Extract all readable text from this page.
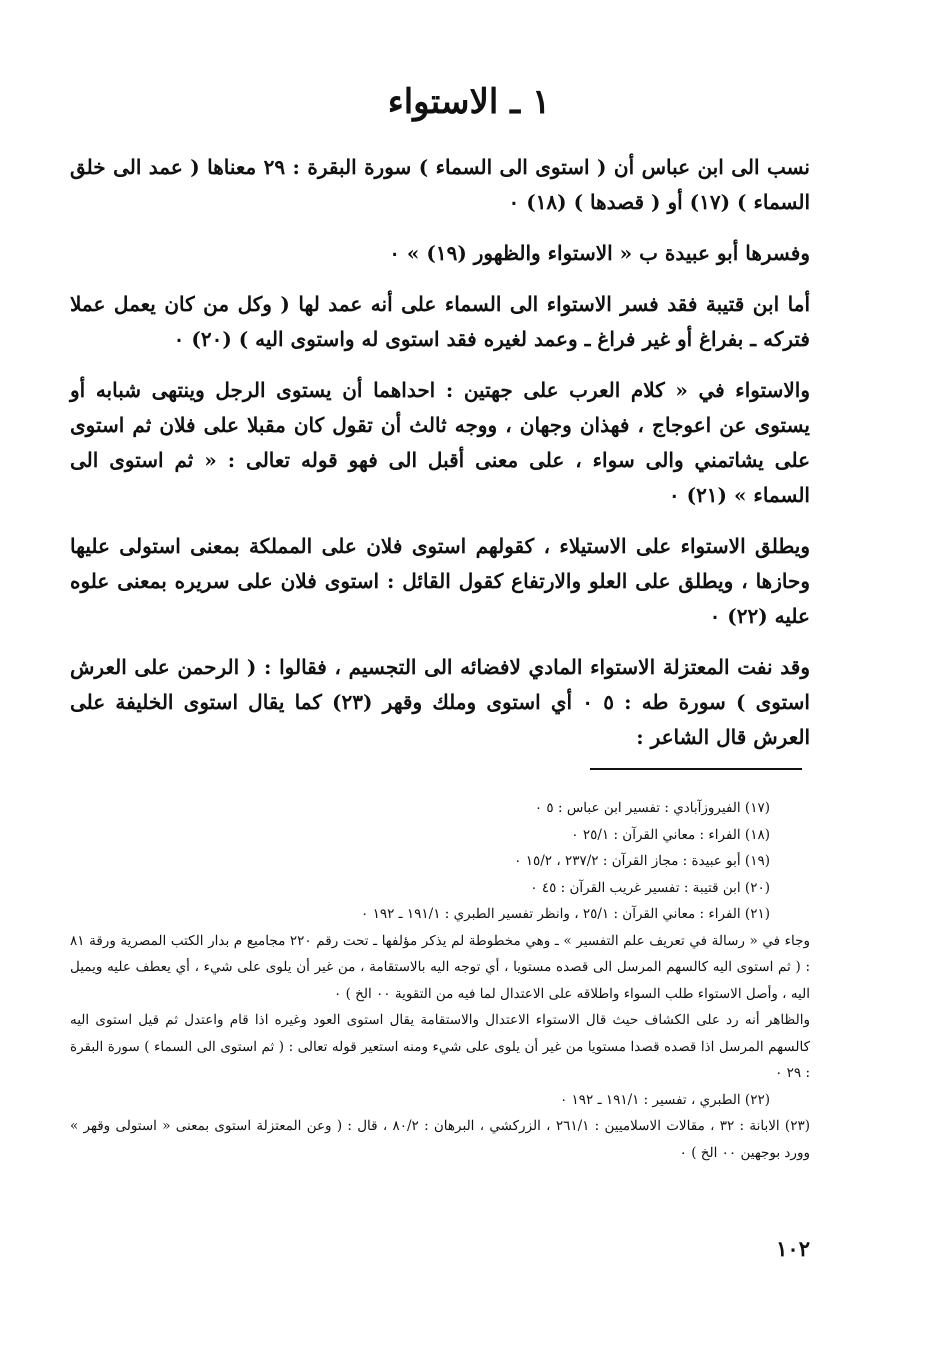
١ ـ الاستواء

نسب الى ابن عباس أن ( استوى الى السماء ) سورة البقرة : ٢٩ معناها ( عمد الى خلق السماء ) (١٧) أو ( قصدها ) (١٨) ٠

وفسرها أبو عبيدة ب « الاستواء والظهور (١٩) » ٠

أما ابن قتيبة فقد فسر الاستواء الى السماء على أنه عمد لها ( وكل من كان يعمل عملا فتركه ـ بفراغ أو غير فراغ ـ وعمد لغيره فقد استوى له واستوى اليه ) (٢٠) ٠

والاستواء في « كلام العرب على جهتين : احداهما أن يستوى الرجل وينتهى شبابه أو يستوى عن اعوجاج ، فهذان وجهان ، ووجه ثالث أن تقول كان مقبلا على فلان ثم استوى على يشاتمني والى سواء ، على معنى أقبل الى فهو قوله تعالى : « ثم استوى الى السماء » (٢١) ٠

ويطلق الاستواء على الاستيلاء ، كقولهم استوى فلان على المملكة بمعنى استولى عليها وحازها ، ويطلق على العلو والارتفاع كقول القائل : استوى فلان على سريره بمعنى علوه عليه (٢٢) ٠

وقد نفت المعتزلة الاستواء المادي لافضائه الى التجسيم ، فقالوا : ( الرحمن على العرش استوى ) سورة طه : ٥ ٠ أي استوى وملك وقهر (٢٣) كما يقال استوى الخليفة على العرش قال الشاعر :

(١٧) الفيروزآبادي : تفسير ابن عباس : ٥ ٠

(١٨) الفراء : معاني القرآن : ٢٥/١ ٠

(١٩) أبو عبيدة : مجاز القرآن : ٢٣٧/٢ ، ١٥/٢ ٠

(٢٠) ابن قتيبة : تفسير غريب القرآن : ٤٥ ٠

(٢١) الفراء : معاني القرآن : ٢٥/١ ، وانظر تفسير الطبري : ١٩١/١ ـ ١٩٢ ٠

وجاء في « رسالة في تعريف علم التفسير » ـ وهي مخطوطة لم يذكر مؤلفها ـ تحت رقم ٢٢٠ مجاميع م بدار الكتب المصرية ورقة ٨١ : ( ثم استوى اليه كالسهم المرسل الى قصده مستويا ، أي توجه اليه بالاستقامة ، من غير أن يلوى على شيء ، أي يعطف عليه ويميل اليه ، وأصل الاستواء طلب السواء واطلاقه على الاعتدال لما فيه من التقوية ٠٠ الخ ) ٠

والظاهر أنه رد على الكشاف حيث قال الاستواء الاعتدال والاستقامة يقال استوى العود وغيره اذا قام واعتدل ثم قيل استوى اليه كالسهم المرسل اذا قصده قصدا مستويا من غير أن يلوى على شيء ومنه استعير قوله تعالى : ( ثم استوى الى السماء ) سورة البقرة : ٢٩ ٠

(٢٢) الطبري ، تفسير : ١٩١/١ ـ ١٩٢ ٠

(٢٣) الابانة : ٣٢ ، مقالات الاسلاميين : ٢٦١/١ ، الزركشي ، البرهان : ٨٠/٢ ، قال : ( وعن المعتزلة استوى بمعنى « استولى وقهر » وورد بوجهين ٠٠ الخ ) ٠

١٠٢
